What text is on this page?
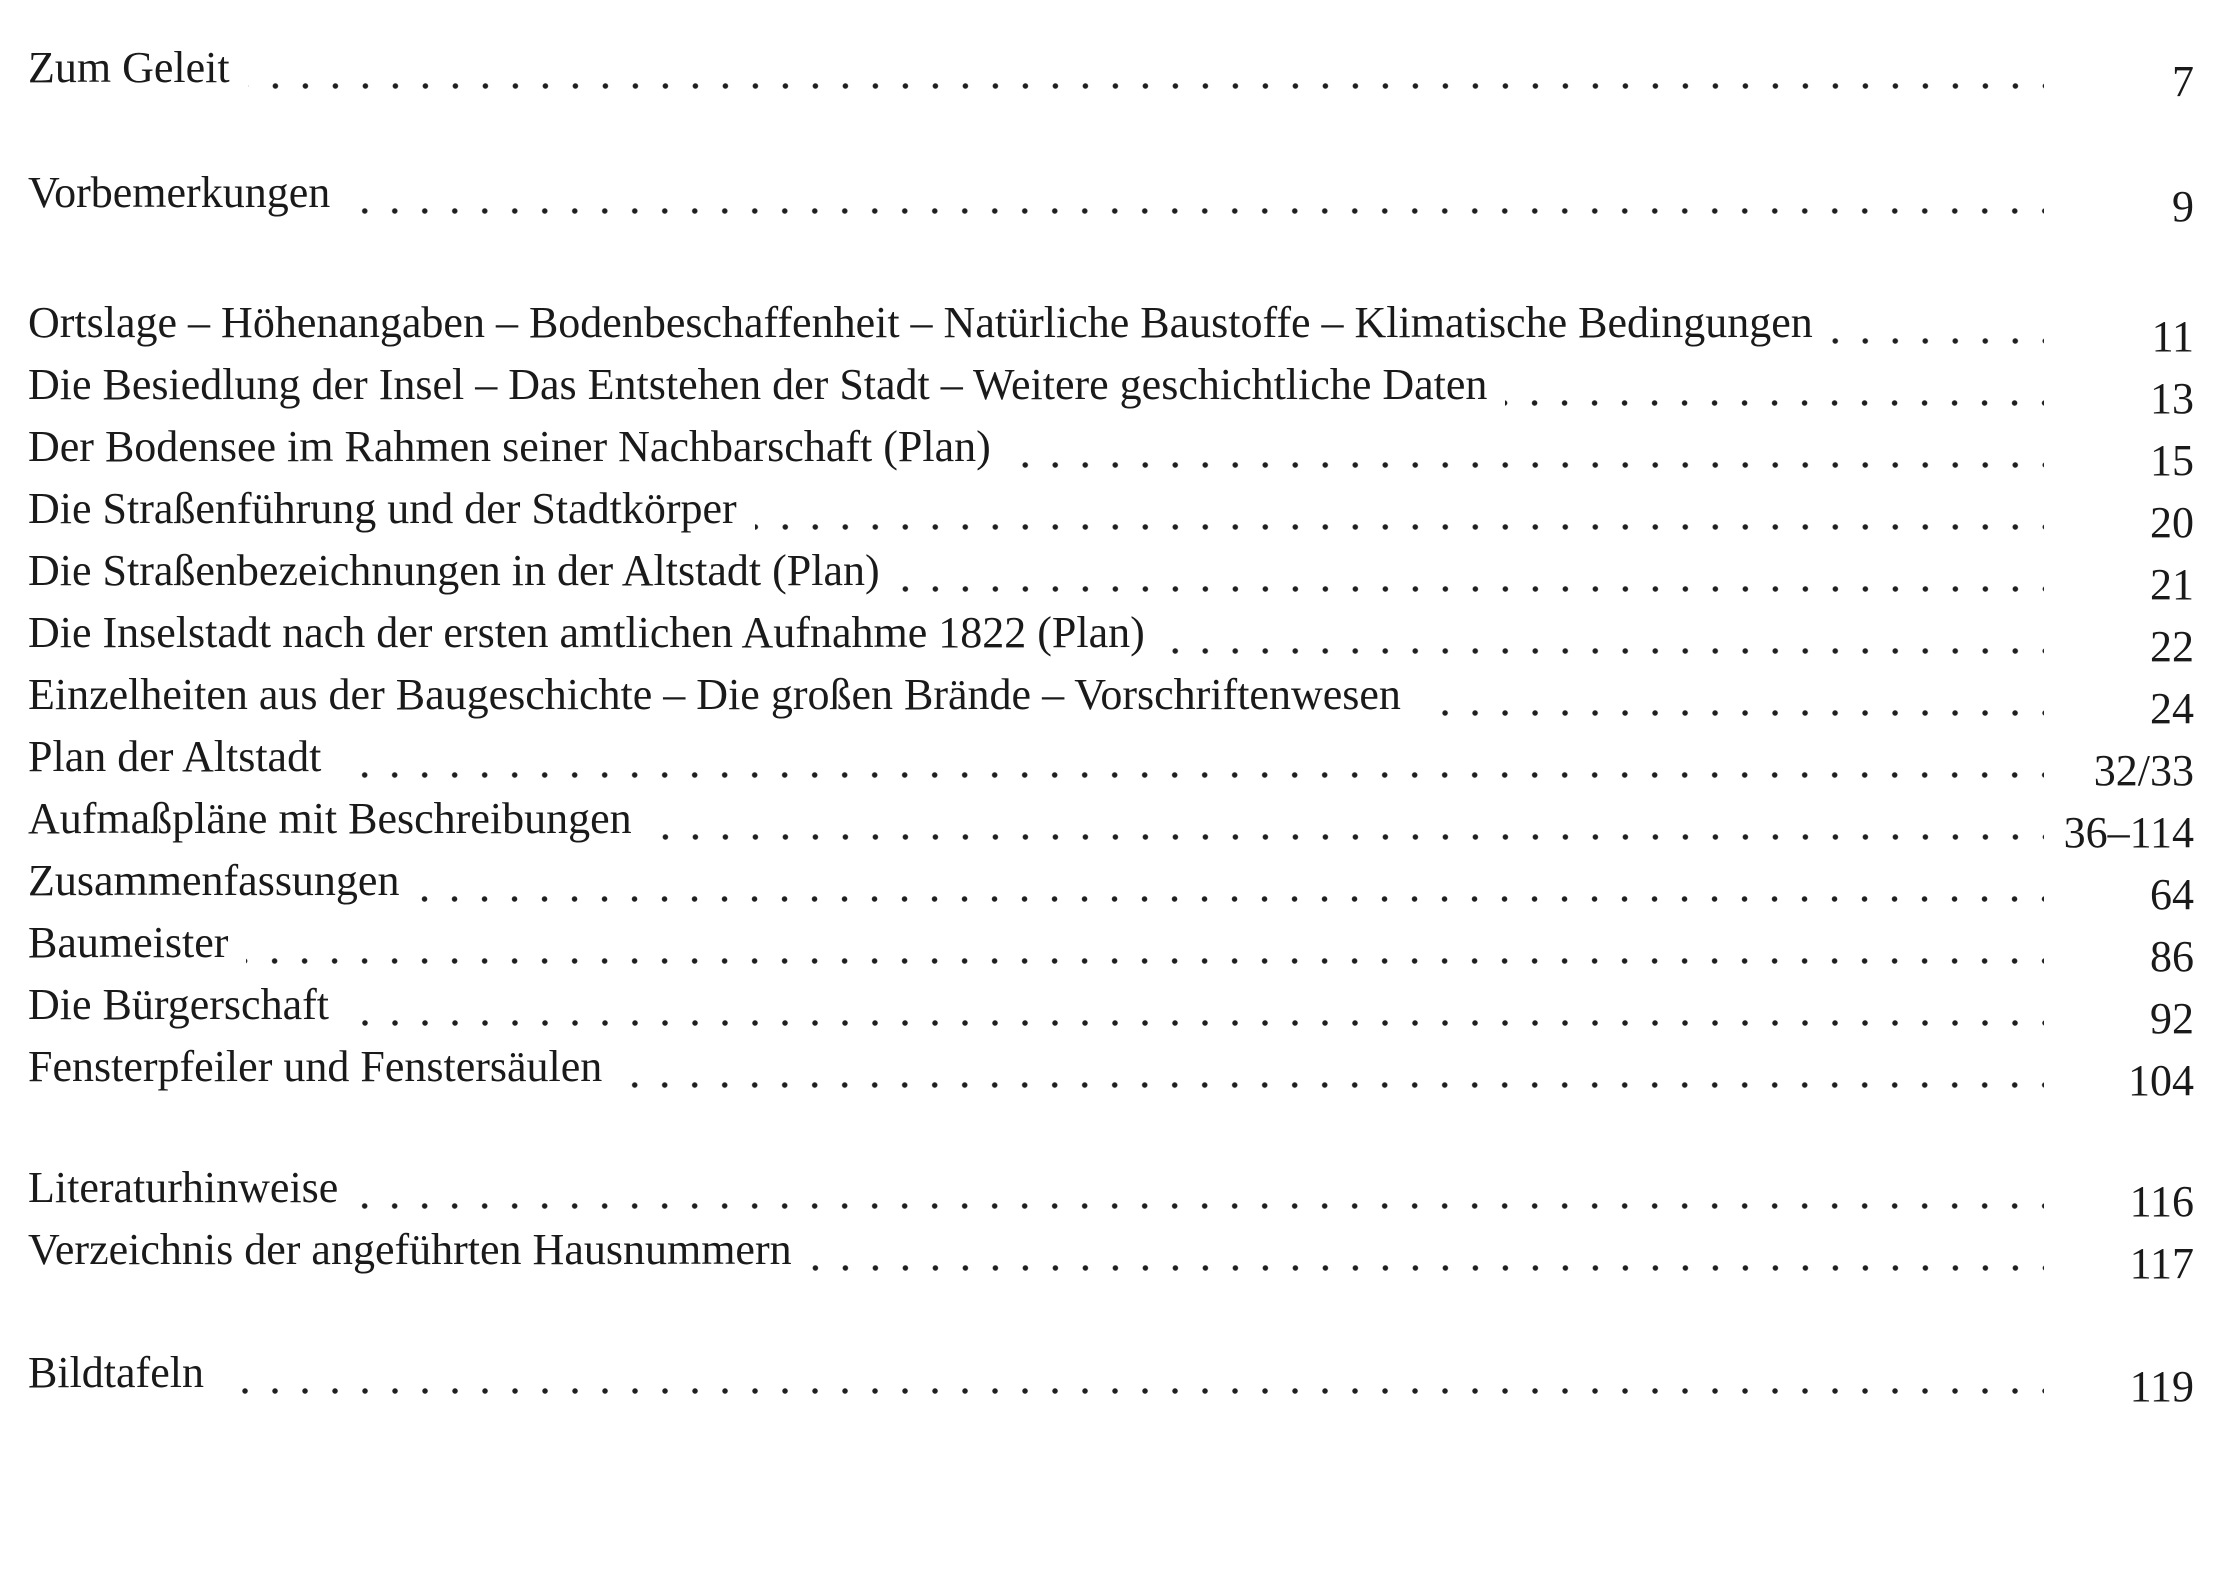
Zum Geleit	7
Vorbemerkungen	9
Ortslage – Höhenangaben – Bodenbeschaffenheit – Natürliche Baustoffe – Klimatische Bedingungen	11
Die Besiedlung der Insel – Das Entstehen der Stadt – Weitere geschichtliche Daten	13
Der Bodensee im Rahmen seiner Nachbarschaft (Plan)	15
Die Straßenführung und der Stadtkörper	20
Die Straßenbezeichnungen in der Altstadt (Plan)	21
Die Inselstadt nach der ersten amtlichen Aufnahme 1822 (Plan)	22
Einzelheiten aus der Baugeschichte – Die großen Brände – Vorschriftenwesen	24
Plan der Altstadt	32/33
Aufmaßpläne mit Beschreibungen	36–114
Zusammenfassungen	64
Baumeister	86
Die Bürgerschaft	92
Fensterpfeiler und Fenstersäulen	104
Literaturhinweise	116
Verzeichnis der angeführten Hausnummern	117
Bildtafeln	119
